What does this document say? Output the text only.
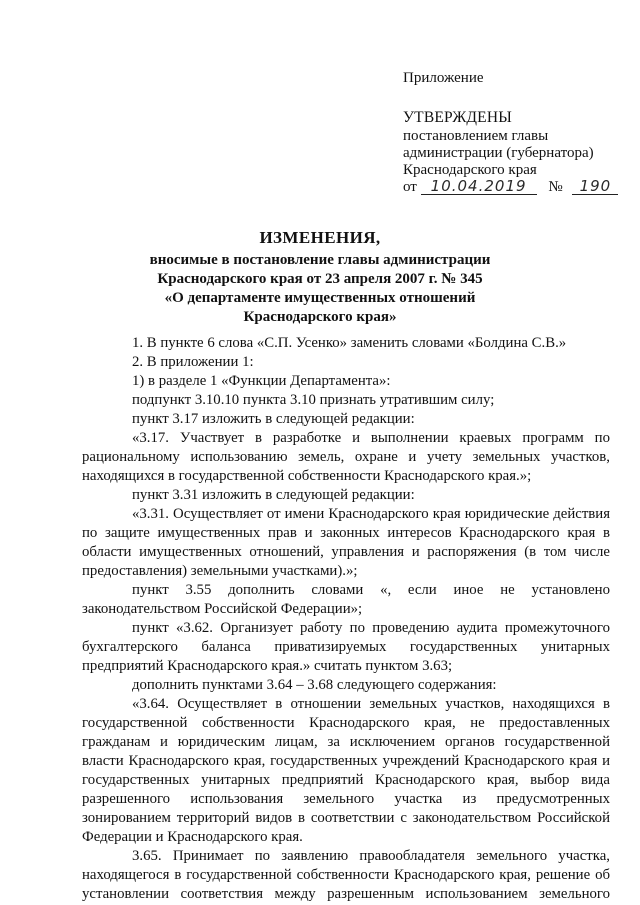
Приложение

УТВЕРЖДЕНЫ

постановлением главы

администрации (губернатора)

Краснодарского края

от 10.04.2019 № 190

ИЗМЕНЕНИЯ,

вносимые в постановление главы администрации

Краснодарского края от 23 апреля 2007 г. № 345

«О департаменте имущественных отношений

Краснодарского края»

1. В пункте 6 слова «С.П. Усенко» заменить словами «Болдина С.В.»

2. В приложении 1:

1) в разделе 1 «Функции Департамента»:

подпункт 3.10.10 пункта 3.10 признать утратившим силу;

пункт 3.17 изложить в следующей редакции:

«3.17. Участвует в разработке и выполнении краевых программ по рациональному использованию земель, охране и учету земельных участков, находящихся в государственной собственности Краснодарского края.»;

пункт 3.31 изложить в следующей редакции:

«3.31. Осуществляет от имени Краснодарского края юридические действия по защите имущественных прав и законных интересов Краснодарского края в области имущественных отношений, управления и распоряжения (в том числе предоставления) земельными участками).»;

пункт 3.55 дополнить словами «, если иное не установлено законодательством Российской Федерации»;

пункт «3.62. Организует работу по проведению аудита промежуточного бухгалтерского баланса приватизируемых государственных унитарных предприятий Краснодарского края.» считать пунктом 3.63;

дополнить пунктами 3.64 – 3.68 следующего содержания:

«3.64. Осуществляет в отношении земельных участков, находящихся в государственной собственности Краснодарского края, не предоставленных гражданам и юридическим лицам, за исключением органов государственной власти Краснодарского края, государственных учреждений Краснодарского края и государственных унитарных предприятий Краснодарского края, выбор вида разрешенного использования земельного участка из предусмотренных зонированием территорий видов в соответствии с законодательством Российской Федерации и Краснодарского края.

3.65. Принимает по заявлению правообладателя земельного участка, находящегося в государственной собственности Краснодарского края, решение об установлении соответствия между разрешенным использованием земельного
